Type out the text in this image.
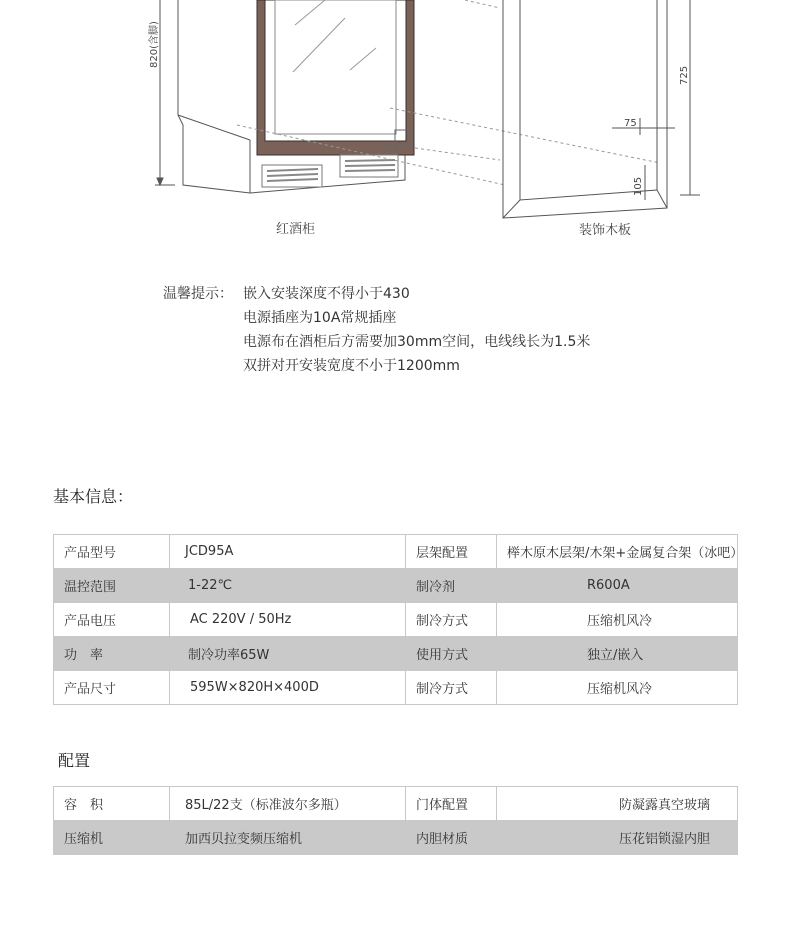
820(含脚)
725
75
105
红酒柜	装饰木板
温馨提示： 嵌入安装深度不得小于430
电源插座为10A常规插座
电源布在酒柜后方需要加30mm空间，电线线长为1.5米
双拼对开安装宽度不小于1200mm
基本信息：
产品型号	JCD95A	层架配置	榉木原木层架/木架+金属复合架（冰吧）
温控范围	1-22℃	制冷剂	R600A
产品电压	AC 220V / 50Hz	制冷方式	压缩机风冷
功　率	制冷功率65W	使用方式	独立/嵌入
产品尺寸	595W×820H×400D	制冷方式	压缩机风冷
配置
容　积	85L/22支（标准波尔多瓶）	门体配置	防凝露真空玻璃
压缩机	加西贝拉变频压缩机	内胆材质	压花铝锁湿内胆
